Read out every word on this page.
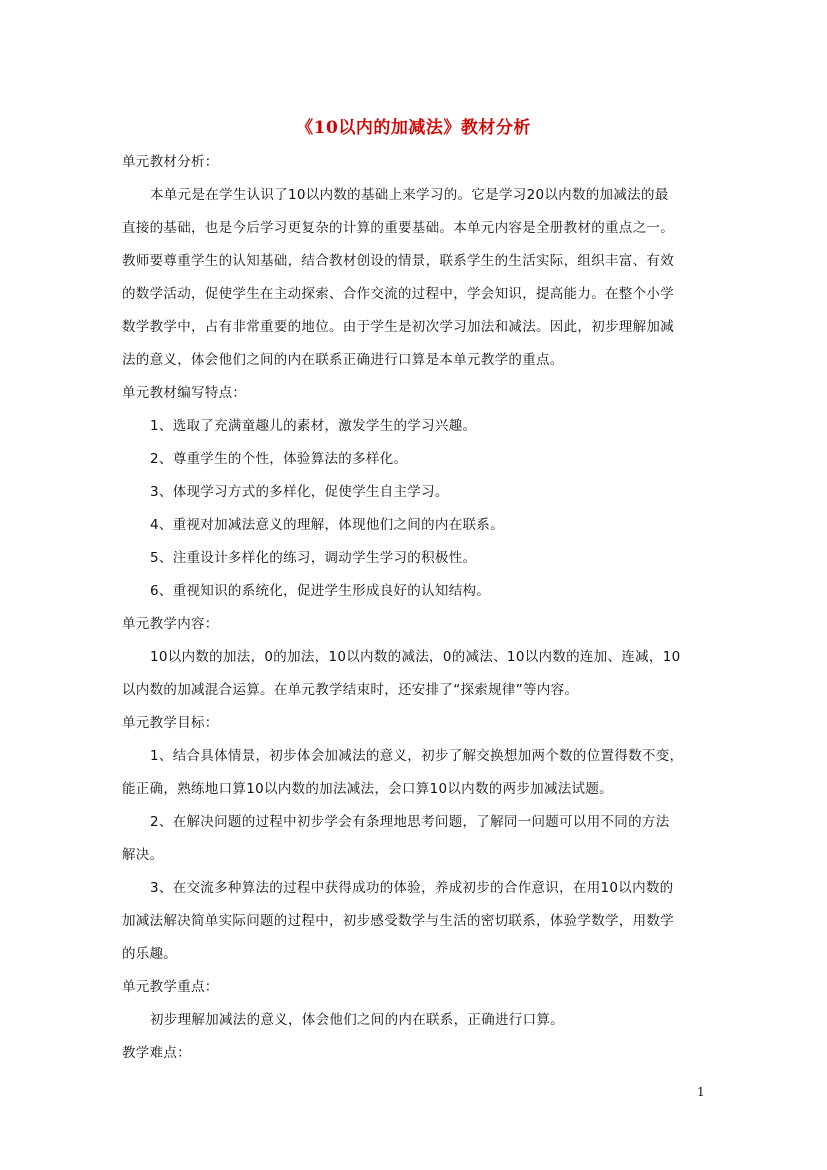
《10以内的加减法》教材分析
单元教材分析：
本单元是在学生认识了10以内数的基础上来学习的。它是学习20以内数的加减法的最
直接的基础，也是今后学习更复杂的计算的重要基础。本单元内容是全册教材的重点之一。
教师要尊重学生的认知基础，结合教材创设的情景，联系学生的生活实际，组织丰富、有效
的数学活动，促使学生在主动探索、合作交流的过程中，学会知识，提高能力。在整个小学
数学教学中，占有非常重要的地位。由于学生是初次学习加法和减法。因此，初步理解加减
法的意义，体会他们之间的内在联系正确进行口算是本单元教学的重点。
单元教材编写特点：
1、选取了充满童趣儿的素材，激发学生的学习兴趣。
2、尊重学生的个性，体验算法的多样化。
3、体现学习方式的多样化，促使学生自主学习。
4、重视对加减法意义的理解，体现他们之间的内在联系。
5、注重设计多样化的练习，调动学生学习的积极性。
6、重视知识的系统化，促进学生形成良好的认知结构。
单元教学内容：
10以内数的加法，0的加法，10以内数的减法，0的减法、10以内数的连加、连减，10
以内数的加减混合运算。在单元教学结束时，还安排了“探索规律”等内容。
单元教学目标：
1、结合具体情景，初步体会加减法的意义，初步了解交换想加两个数的位置得数不变，
能正确，熟练地口算10以内数的加法减法，会口算10以内数的两步加减法试题。
2、在解决问题的过程中初步学会有条理地思考问题，了解同一问题可以用不同的方法
解决。
3、在交流多种算法的过程中获得成功的体验，养成初步的合作意识，在用10以内数的
加减法解决简单实际问题的过程中，初步感受数学与生活的密切联系，体验学数学，用数学
的乐趣。
单元教学重点：
初步理解加减法的意义，体会他们之间的内在联系，正确进行口算。
教学难点：
1
